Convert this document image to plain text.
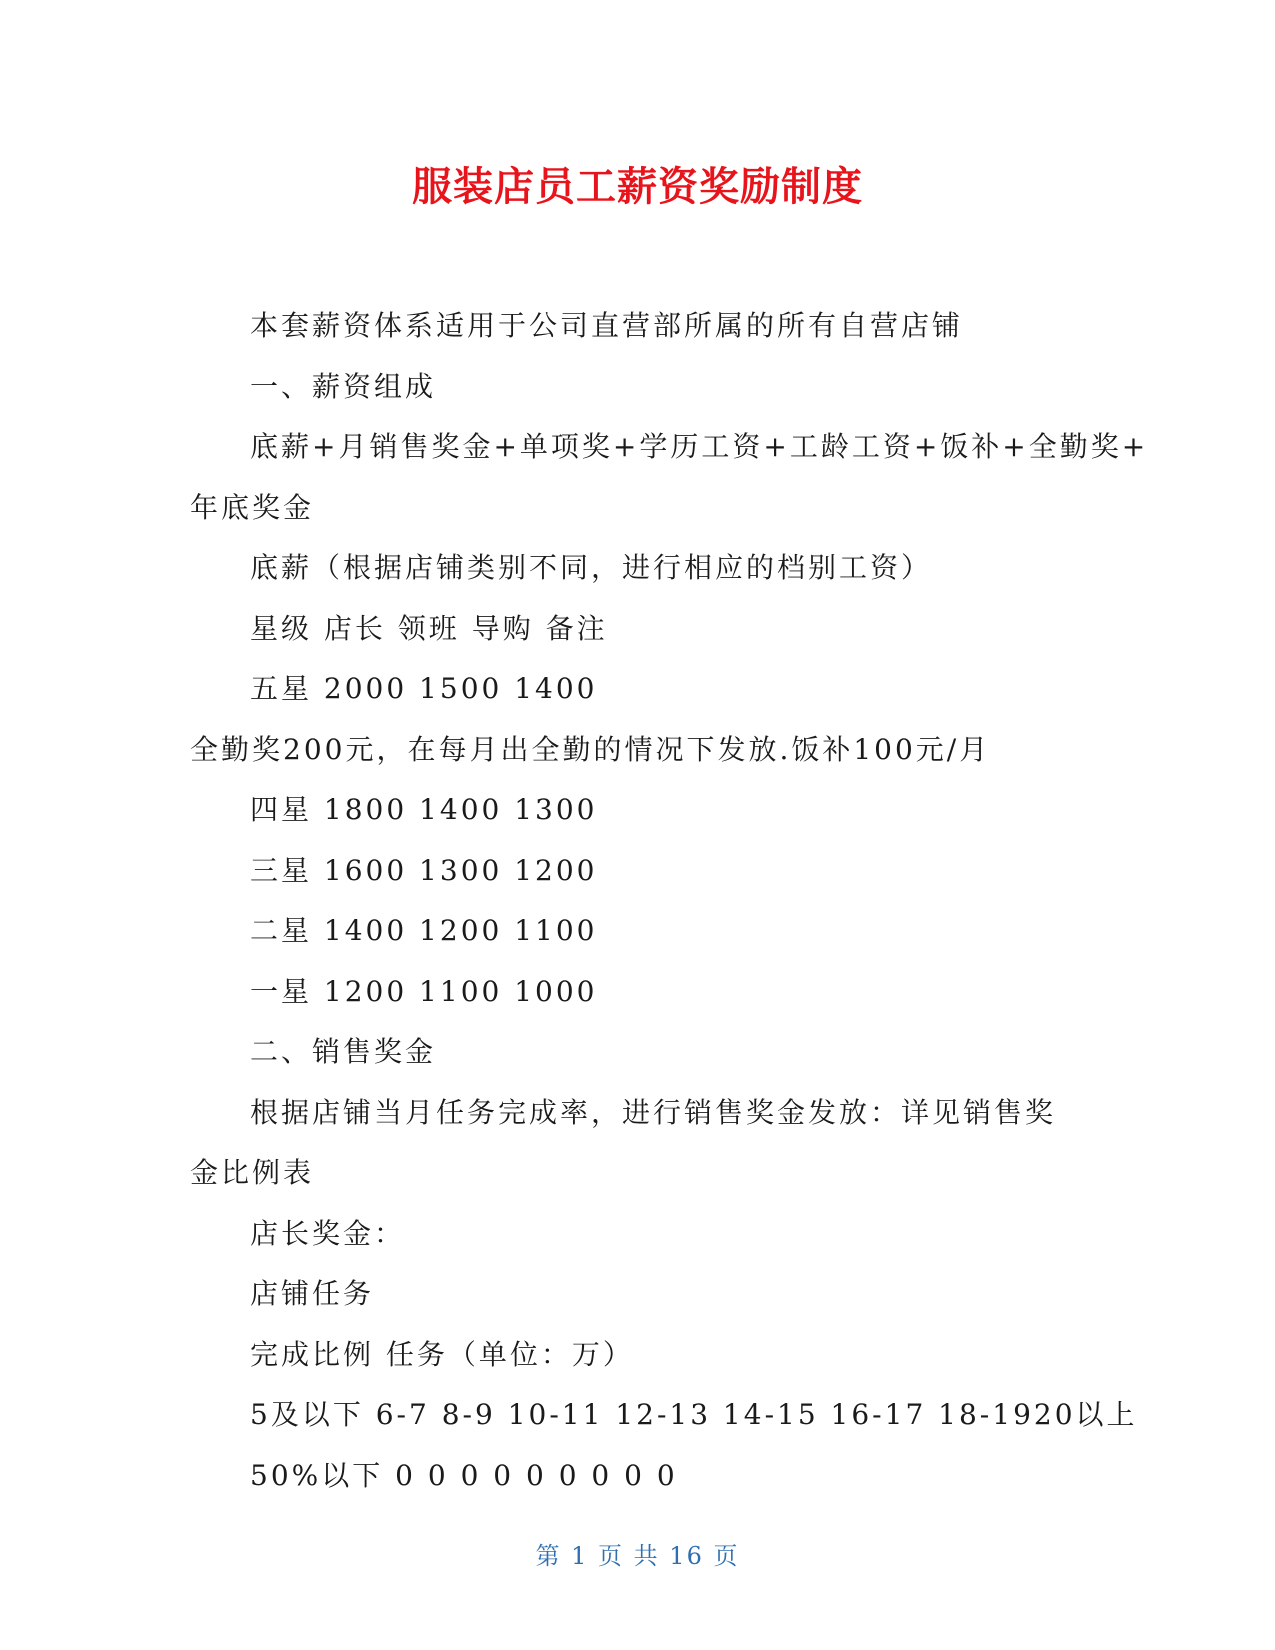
服装店员工薪资奖励制度
本套薪资体系适用于公司直营部所属的所有自营店铺
一、薪资组成
底薪+月销售奖金+单项奖+学历工资+工龄工资+饭补+全勤奖+
年底奖金
底薪（根据店铺类别不同，进行相应的档别工资）
星级 店长 领班 导购 备注
五星 2000 1500 1400
全勤奖200元，在每月出全勤的情况下发放.饭补100元/月
四星 1800 1400 1300
三星 1600 1300 1200
二星 1400 1200 1100
一星 1200 1100 1000
二、销售奖金
根据店铺当月任务完成率，进行销售奖金发放：详见销售奖
金比例表
店长奖金：
店铺任务
完成比例 任务（单位：万）
5及以下 6-7 8-9 10-11 12-13 14-15 16-17 18-1920以上
50%以下 0 0 0 0 0 0 0 0 0
第 1 页 共 16 页
